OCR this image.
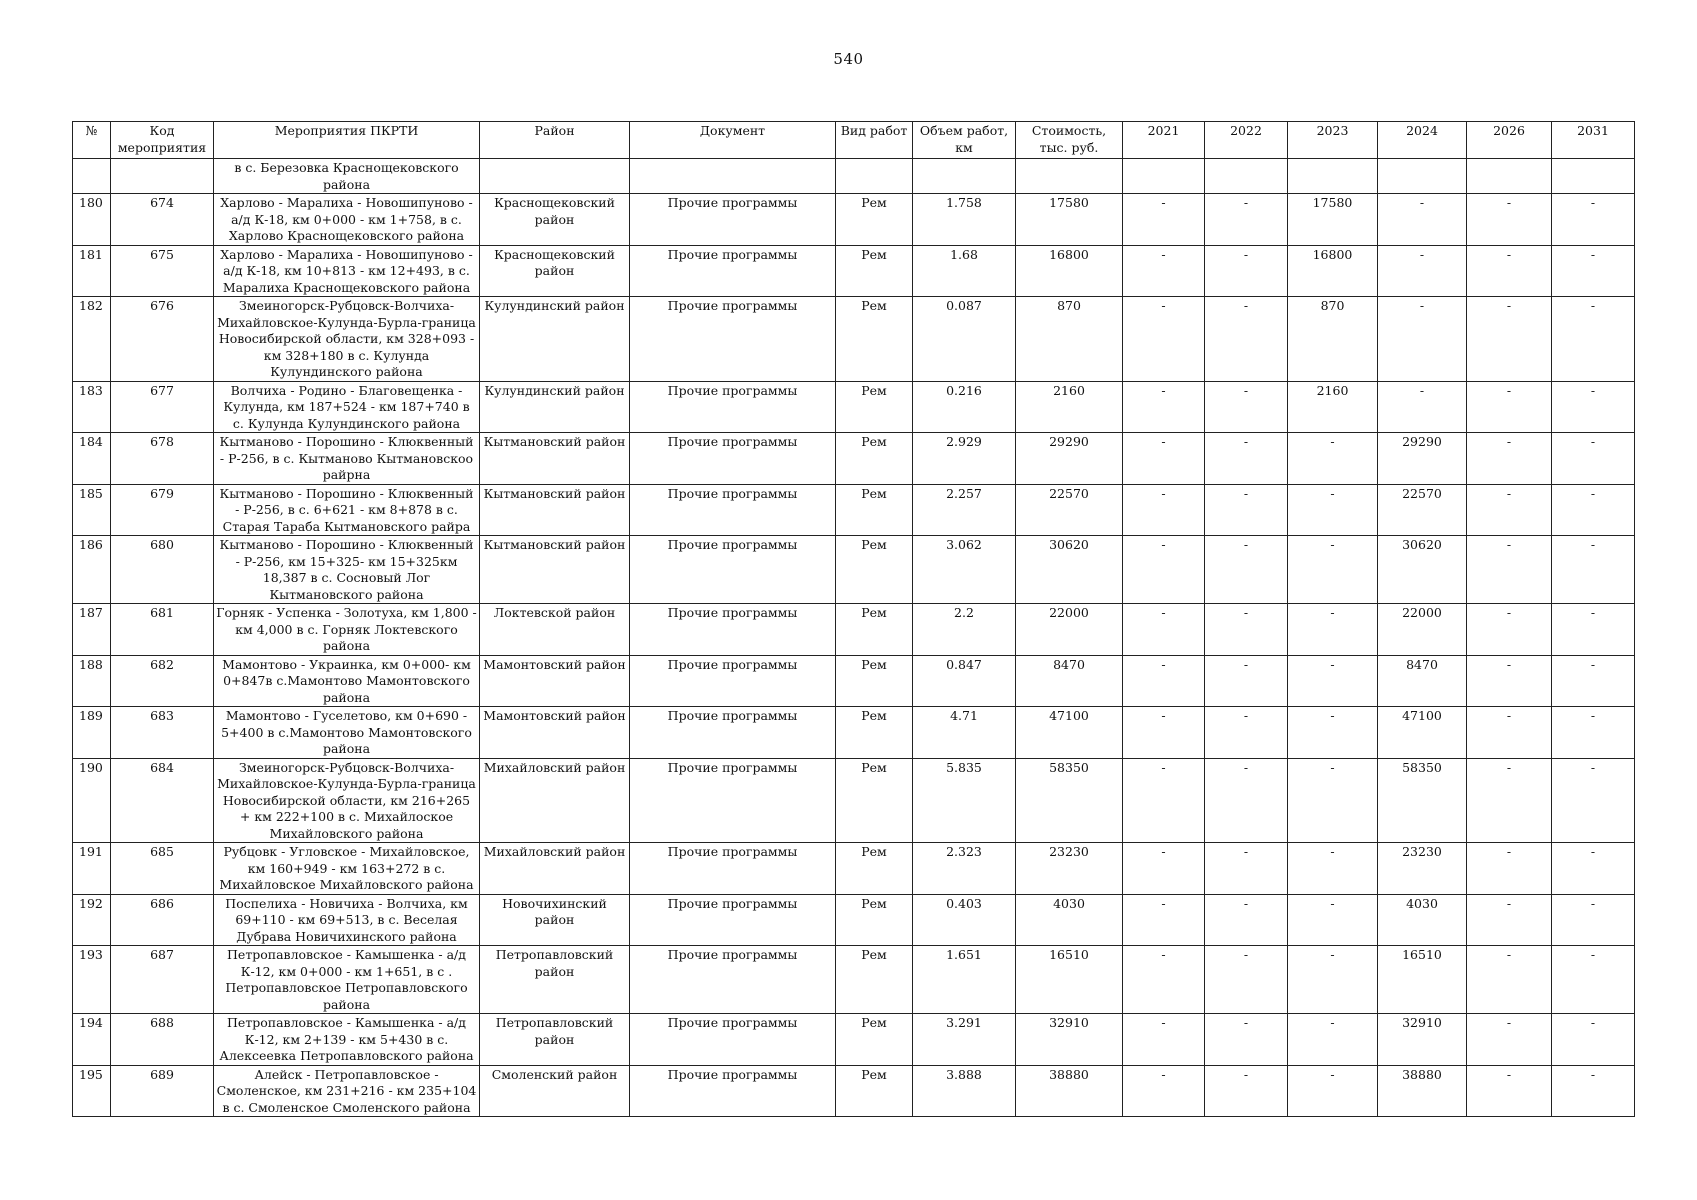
540
№	Код мероприятия	Мероприятия ПКРТИ	Район	Документ	Вид работ	Объем работ, км	Стоимость, тыс. руб.	2021	2022	2023	2024	2026	2031
		в с. Березовка Краснощековского района											
180	674	Харлово - Маралиха - Новошипуново - а/д К-18, км 0+000 - км 1+758, в с. Харлово Краснощековского района	Краснощековский район	Прочие программы	Рем	1.758	17580	-	-	17580	-	-	-
181	675	Харлово - Маралиха - Новошипуново - а/д К-18, км 10+813 - км 12+493, в с. Маралиха Краснощековского района	Краснощековский район	Прочие программы	Рем	1.68	16800	-	-	16800	-	-	-
182	676	Змеиногорск-Рубцовск-Волчиха-Михайловское-Кулунда-Бурла-граница Новосибирской области, км 328+093 - км 328+180 в с. Кулунда Кулундинского района	Кулундинский район	Прочие программы	Рем	0.087	870	-	-	870	-	-	-
183	677	Волчиха - Родино - Благовещенка - Кулунда, км 187+524 - км 187+740 в с. Кулунда Кулундинского района	Кулундинский район	Прочие программы	Рем	0.216	2160	-	-	2160	-	-	-
184	678	Кытманово - Порошино - Клюквенный - Р-256, в с. Кытманово Кытмановскоо райрна	Кытмановский район	Прочие программы	Рем	2.929	29290	-	-	-	29290	-	-
185	679	Кытманово - Порошино - Клюквенный - Р-256, в с. 6+621 - км 8+878 в с. Старая Тараба Кытмановского райра	Кытмановский район	Прочие программы	Рем	2.257	22570	-	-	-	22570	-	-
186	680	Кытманово - Порошино - Клюквенный - Р-256, км 15+325- км 15+325км 18,387 в с. Сосновый Лог Кытмановского района	Кытмановский район	Прочие программы	Рем	3.062	30620	-	-	-	30620	-	-
187	681	Горняк - Успенка - Золотуха, км 1,800 - км 4,000 в с. Горняк Локтевского района	Локтевской район	Прочие программы	Рем	2.2	22000	-	-	-	22000	-	-
188	682	Мамонтово - Украинка, км 0+000- км 0+847в с.Мамонтово Мамонтовского района	Мамонтовский район	Прочие программы	Рем	0.847	8470	-	-	-	8470	-	-
189	683	Мамонтово - Гуселетово, км 0+690 - 5+400 в с.Мамонтово Мамонтовского района	Мамонтовский район	Прочие программы	Рем	4.71	47100	-	-	-	47100	-	-
190	684	Змеиногорск-Рубцовск-Волчиха-Михайловское-Кулунда-Бурла-граница Новосибирской области, км 216+265 + км 222+100 в с. Михайлоское Михайловского района	Михайловский район	Прочие программы	Рем	5.835	58350	-	-	-	58350	-	-
191	685	Рубцовк - Угловское - Михайловское, км 160+949 - км 163+272 в с. Михайловское Михайловского района	Михайловский район	Прочие программы	Рем	2.323	23230	-	-	-	23230	-	-
192	686	Поспелиха - Новичиха - Волчиха, км 69+110 - км 69+513, в с. Веселая Дубрава Новичихинского района	Новочихинский район	Прочие программы	Рем	0.403	4030	-	-	-	4030	-	-
193	687	Петропавловское - Камышенка - а/д К-12, км 0+000 - км 1+651, в с . Петропавловское Петропавловского района	Петропавловский район	Прочие программы	Рем	1.651	16510	-	-	-	16510	-	-
194	688	Петропавловское - Камышенка - а/д К-12, км 2+139 - км 5+430 в с. Алексеевка Петропавловского района	Петропавловский район	Прочие программы	Рем	3.291	32910	-	-	-	32910	-	-
195	689	Алейск - Петропавловское - Смоленское, км 231+216 - км 235+104 в с. Смоленское Смоленского района	Смоленский район	Прочие программы	Рем	3.888	38880	-	-	-	38880	-	-
